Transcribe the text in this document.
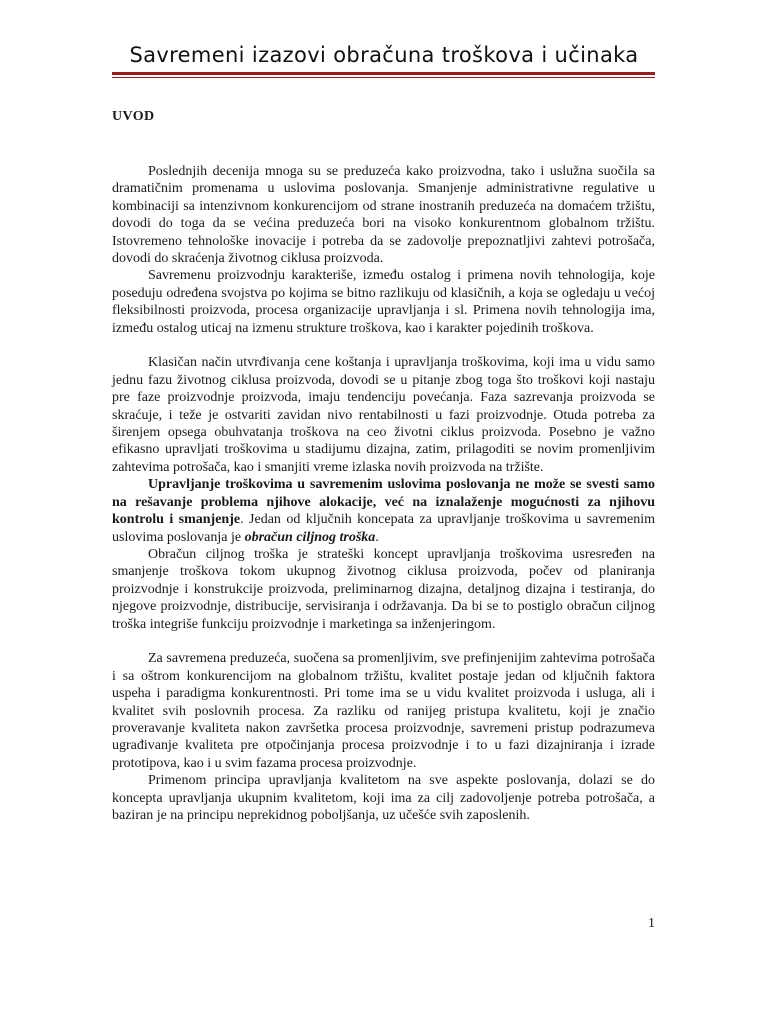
Savremeni izazovi obračuna troškova i učinaka
UVOD

Poslednjih decenija mnoga su se preduzeća kako proizvodna, tako i uslužna suočila sa dramatičnim promenama u uslovima poslovanja. Smanjenje administrativne regulative u kombinaciji sa intenzivnom konkurencijom od strane inostranih preduzeća na domaćem tržištu, dovodi do toga da se većina preduzeća bori na visoko konkurentnom globalnom tržištu. Istovremeno tehnološke inovacije i potreba da se zadovolje prepoznatljivi zahtevi potrošača, dovodi do skraćenja životnog ciklusa proizvoda.

Savremenu proizvodnju karakteriše, između ostalog i primena novih tehnologija, koje poseduju određena svojstva po kojima se bitno razlikuju od klasičnih, a koja se ogledaju u većoj fleksibilnosti proizvoda, procesa organizacije upravljanja i sl. Primena novih tehnologija ima, između ostalog uticaj na izmenu strukture troškova, kao i karakter pojedinih troškova.

Klasičan način utvrđivanja cene koštanja i upravljanja troškovima, koji ima u vidu samo jednu fazu životnog ciklusa proizvoda, dovodi se u pitanje zbog toga što troškovi koji nastaju pre faze proizvodnje proizvoda, imaju tendenciju povećanja. Faza sazrevanja proizvoda se skraćuje, i teže je ostvariti zavidan nivo rentabilnosti u fazi proizvodnje. Otuda potreba za širenjem opsega obuhvatanja troškova na ceo životni ciklus proizvoda. Posebno je važno efikasno upravljati troškovima u stadijumu dizajna, zatim, prilagoditi se novim promenljivim zahtevima potrošača, kao i smanjiti vreme izlaska novih proizvoda na tržište.

Upravljanje troškovima u savremenim uslovima poslovanja ne može se svesti samo na rešavanje problema njihove alokacije, već na iznalaženje mogućnosti za njihovu kontrolu i smanjenje. Jedan od ključnih koncepata za upravljanje troškovima u savremenim uslovima poslovanja je obračun ciljnog troška.

Obračun ciljnog troška je strateški koncept upravljanja troškovima usresređen na smanjenje troškova tokom ukupnog životnog ciklusa proizvoda, počev od planiranja proizvodnje i konstrukcije proizvoda, preliminarnog dizajna, detaljnog dizajna i testiranja, do njegove proizvodnje, distribucije, servisiranja i održavanja. Da bi se to postiglo obračun ciljnog troška integriše funkciju proizvodnje i marketinga sa inženjeringom.

Za savremena preduzeća, suočena sa promenljivim, sve prefinjenijim zahtevima potrošača i sa oštrom konkurencijom na globalnom tržištu, kvalitet postaje jedan od ključnih faktora uspeha i paradigma konkurentnosti. Pri tome ima se u vidu kvalitet proizvoda i usluga, ali i kvalitet svih poslovnih procesa. Za razliku od ranijeg pristupa kvalitetu, koji je značio proveravanje kvaliteta nakon završetka procesa proizvodnje, savremeni pristup podrazumeva ugrađivanje kvaliteta pre otpočinjanja procesa proizvodnje i to u fazi dizajniranja i izrade prototipova, kao i u svim fazama procesa proizvodnje.

Primenom principa upravljanja kvalitetom na sve aspekte poslovanja, dolazi se do koncepta upravljanja ukupnim kvalitetom, koji ima za cilj zadovoljenje potreba potrošača, a baziran je na principu neprekidnog poboljšanja, uz učešće svih zaposlenih.

1
